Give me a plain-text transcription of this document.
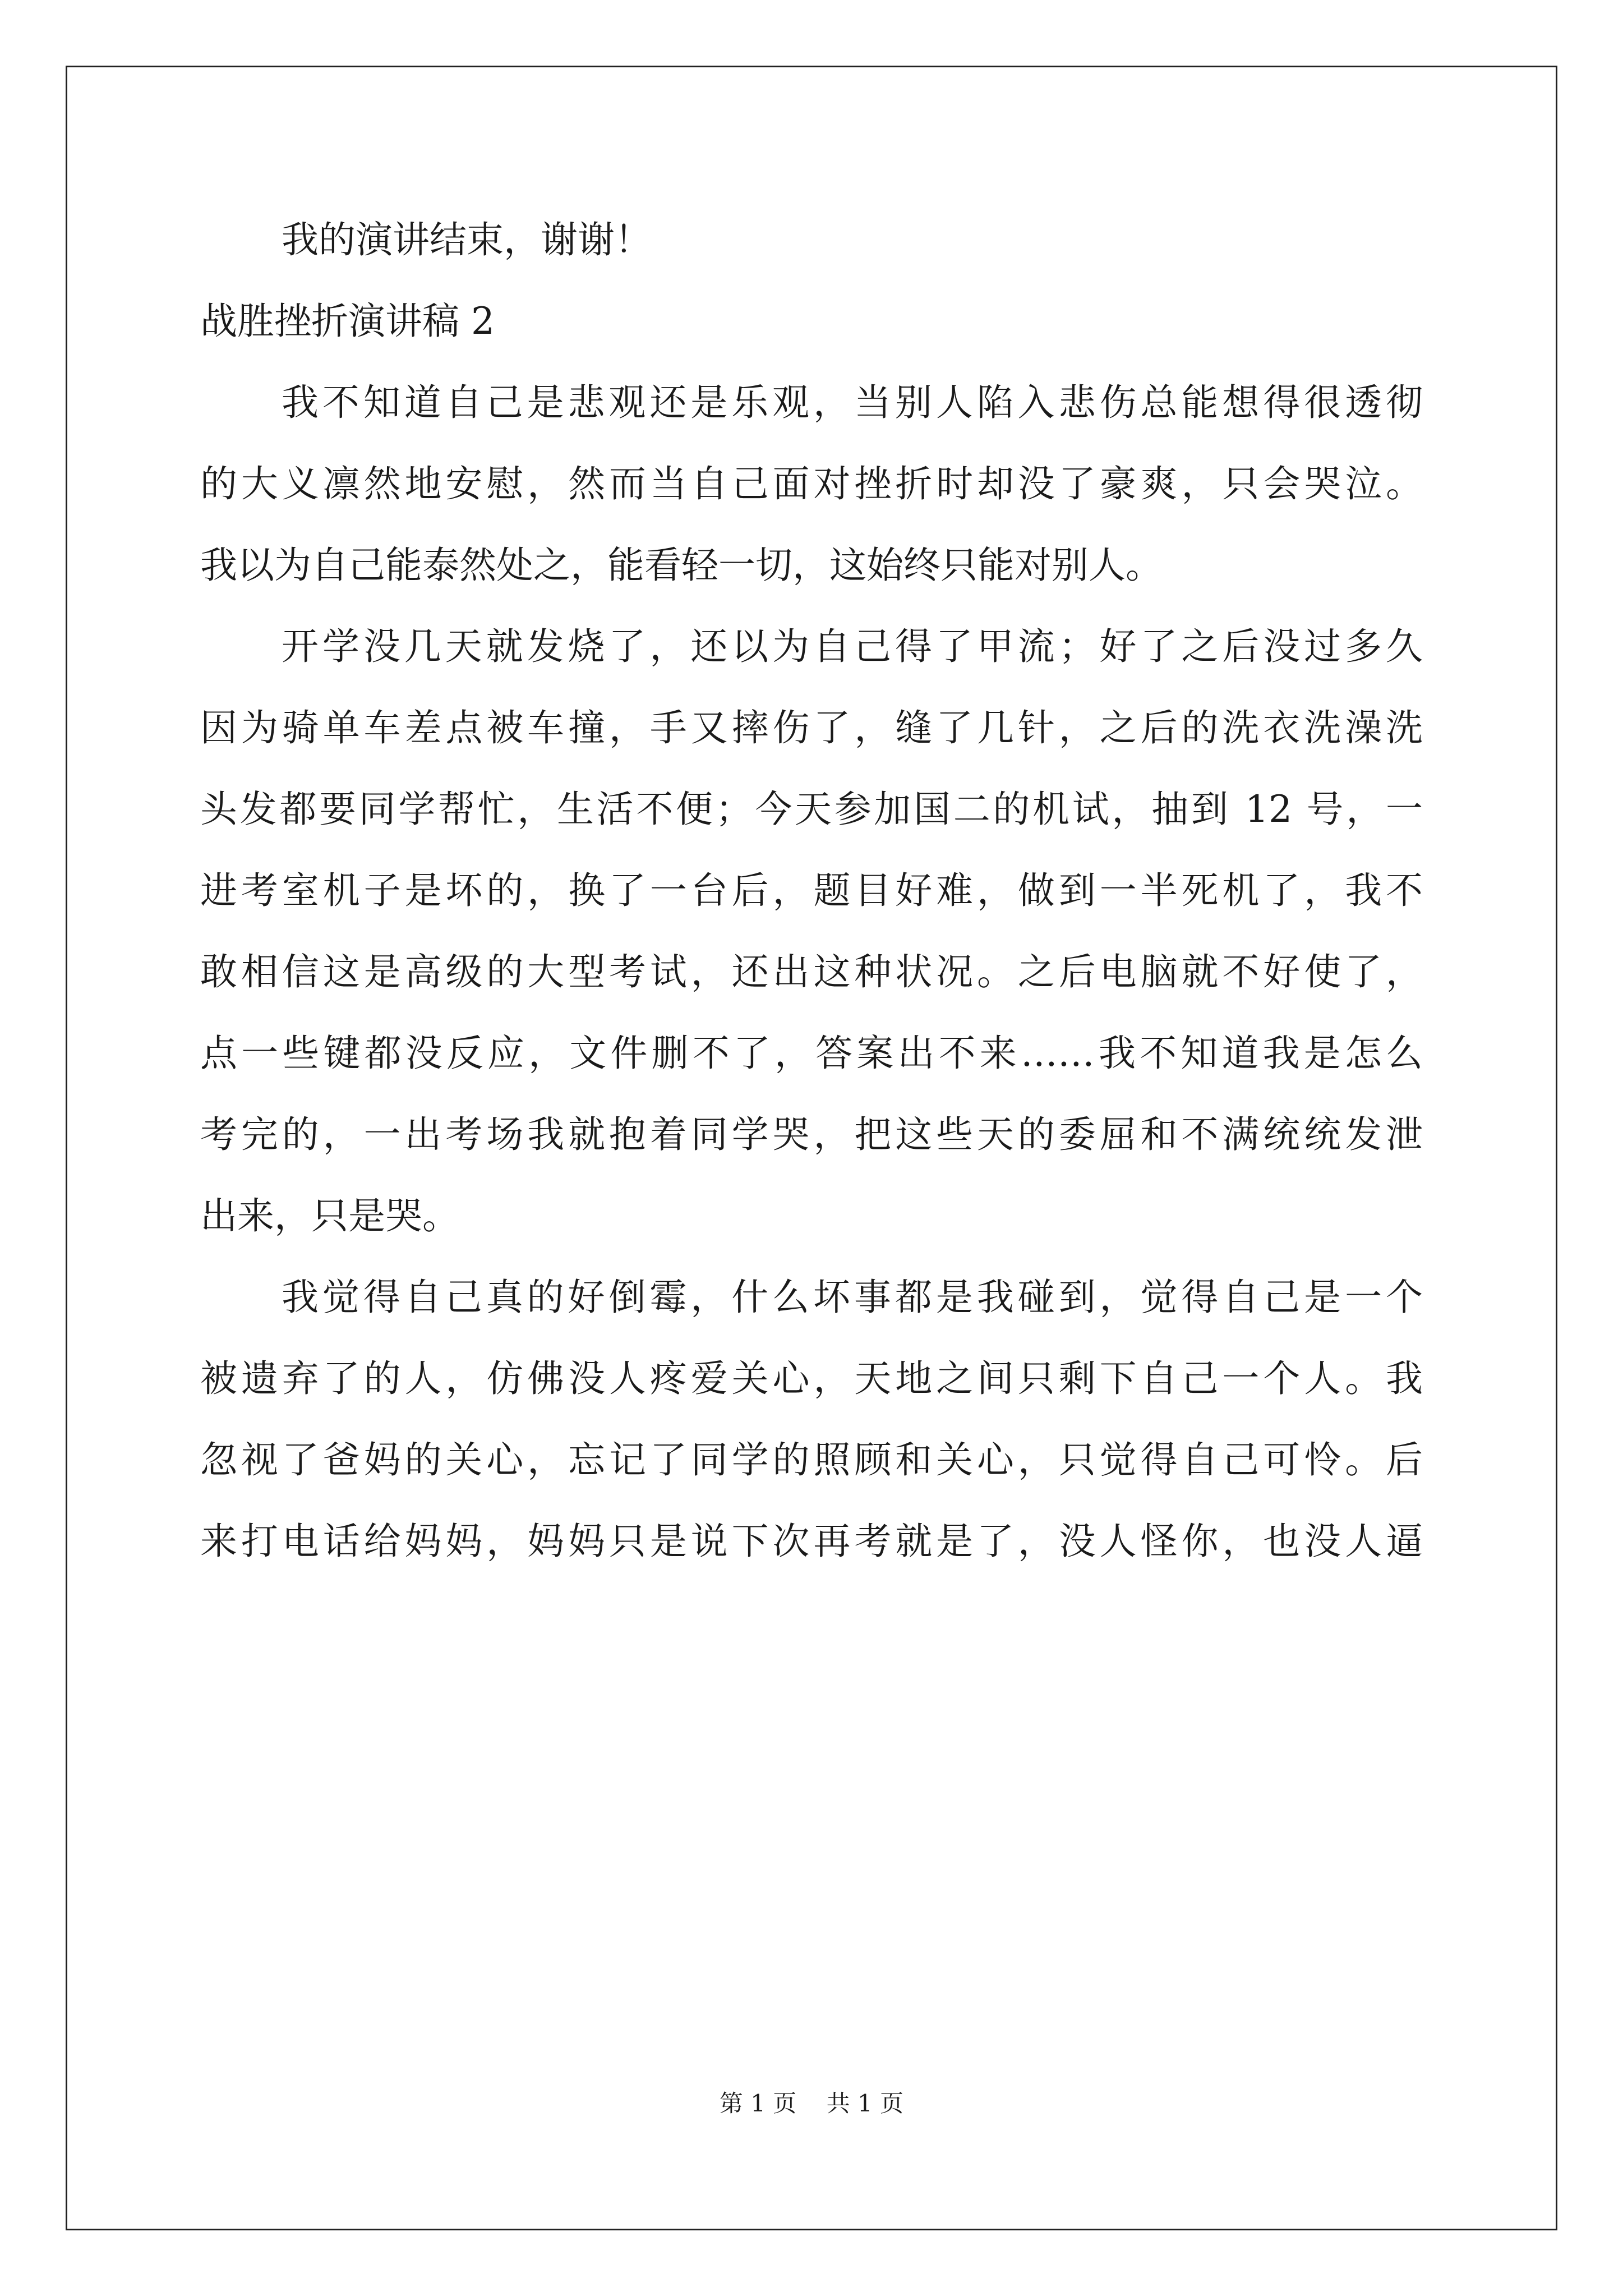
我的演讲结束，谢谢！
战胜挫折演讲稿 2
我不知道自己是悲观还是乐观，当别人陷入悲伤总能想得很透彻
的大义凛然地安慰，然而当自己面对挫折时却没了豪爽，只会哭泣。
我以为自己能泰然处之，能看轻一切，这始终只能对别人。
开学没几天就发烧了，还以为自己得了甲流；好了之后没过多久
因为骑单车差点被车撞，手又摔伤了，缝了几针，之后的洗衣洗澡洗
头发都要同学帮忙，生活不便；今天参加国二的机试，抽到 12 号，一
进考室机子是坏的，换了一台后，题目好难，做到一半死机了，我不
敢相信这是高级的大型考试，还出这种状况。之后电脑就不好使了，
点一些键都没反应，文件删不了，答案出不来……我不知道我是怎么
考完的，一出考场我就抱着同学哭，把这些天的委屈和不满统统发泄
出来，只是哭。
我觉得自己真的好倒霉，什么坏事都是我碰到，觉得自己是一个
被遗弃了的人，仿佛没人疼爱关心，天地之间只剩下自己一个人。我
忽视了爸妈的关心，忘记了同学的照顾和关心，只觉得自己可怜。后
来打电话给妈妈，妈妈只是说下次再考就是了，没人怪你，也没人逼
第 1 页    共 1 页
